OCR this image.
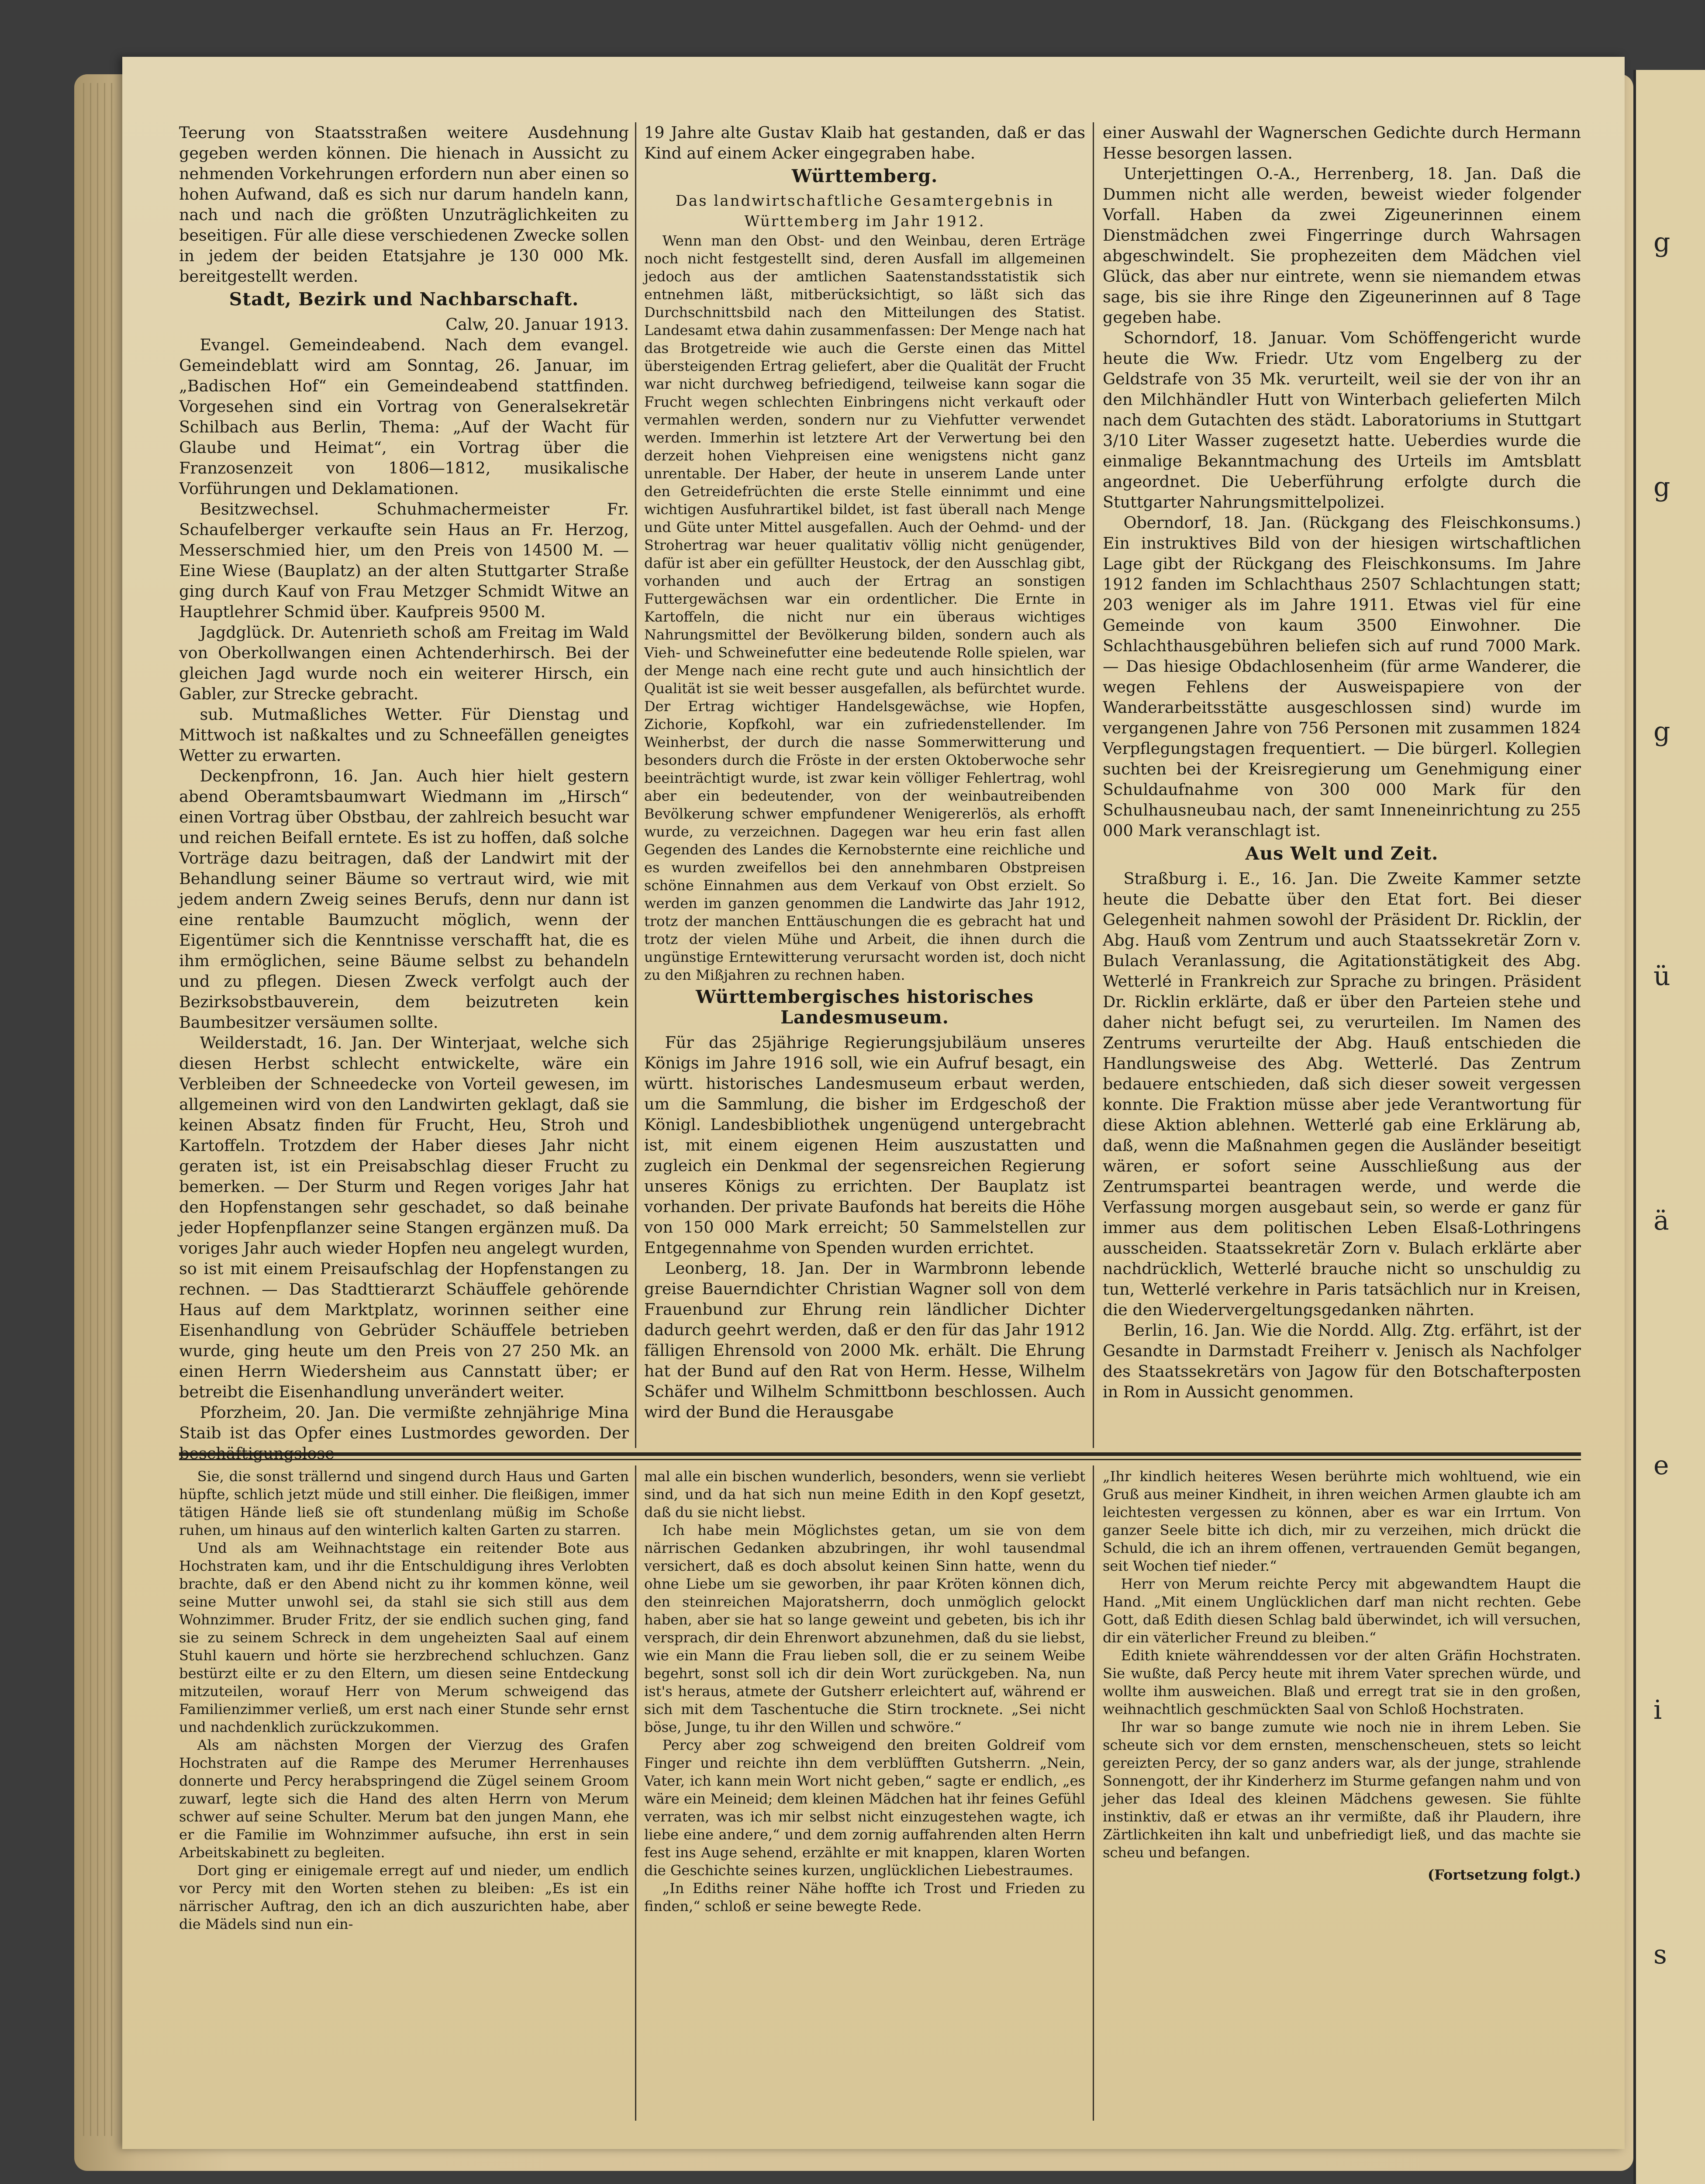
g
g
g
ü
ä
e
i
s

Teerung von Staatsstraßen weitere Ausdehnung gegeben werden können. Die hienach in Aussicht zu nehmenden Vorkehrungen erfordern nun aber einen so hohen Aufwand, daß es sich nur darum handeln kann, nach und nach die größten Unzuträglichkeiten zu beseitigen. Für alle diese verschiedenen Zwecke sollen in jedem der beiden Etatsjahre je 130 000 Mk. bereitgestellt werden.

Stadt, Bezirk und Nachbarschaft.

Calw, 20. Januar 1913.

Evangel. Gemeindeabend. Nach dem evangel. Gemeindeblatt wird am Sonntag, 26. Januar, im „Badischen Hof“ ein Gemeindeabend stattfinden. Vorgesehen sind ein Vortrag von Generalsekretär Schilbach aus Berlin, Thema: „Auf der Wacht für Glaube und Heimat“, ein Vortrag über die Franzosenzeit von 1806—1812, musikalische Vorführungen und Deklamationen.

Besitzwechsel. Schuhmachermeister Fr. Schaufelberger verkaufte sein Haus an Fr. Herzog, Messerschmied hier, um den Preis von 14500 M. — Eine Wiese (Bauplatz) an der alten Stuttgarter Straße ging durch Kauf von Frau Metzger Schmidt Witwe an Hauptlehrer Schmid über. Kaufpreis 9500 M.

Jagdglück. Dr. Autenrieth schoß am Freitag im Wald von Oberkollwangen einen Achtenderhirsch. Bei der gleichen Jagd wurde noch ein weiterer Hirsch, ein Gabler, zur Strecke gebracht.

sub. Mutmaßliches Wetter. Für Dienstag und Mittwoch ist naßkaltes und zu Schneefällen geneigtes Wetter zu erwarten.

Deckenpfronn, 16. Jan. Auch hier hielt gestern abend Oberamtsbaumwart Wiedmann im „Hirsch“ einen Vortrag über Obstbau, der zahlreich besucht war und reichen Beifall erntete. Es ist zu hoffen, daß solche Vorträge dazu beitragen, daß der Landwirt mit der Behandlung seiner Bäume so vertraut wird, wie mit jedem andern Zweig seines Berufs, denn nur dann ist eine rentable Baumzucht möglich, wenn der Eigentümer sich die Kenntnisse verschafft hat, die es ihm ermöglichen, seine Bäume selbst zu behandeln und zu pflegen. Diesen Zweck verfolgt auch der Bezirksobstbauverein, dem beizutreten kein Baumbesitzer versäumen sollte.

Weilderstadt, 16. Jan. Der Winterjaat, welche sich diesen Herbst schlecht entwickelte, wäre ein Verbleiben der Schneedecke von Vorteil gewesen, im allgemeinen wird von den Landwirten geklagt, daß sie keinen Absatz finden für Frucht, Heu, Stroh und Kartoffeln. Trotzdem der Haber dieses Jahr nicht geraten ist, ist ein Preisabschlag dieser Frucht zu bemerken. — Der Sturm und Regen voriges Jahr hat den Hopfenstangen sehr geschadet, so daß beinahe jeder Hopfenpflanzer seine Stangen ergänzen muß. Da voriges Jahr auch wieder Hopfen neu angelegt wurden, so ist mit einem Preisaufschlag der Hopfenstangen zu rechnen. — Das Stadttierarzt Schäuffele gehörende Haus auf dem Marktplatz, worinnen seither eine Eisenhandlung von Gebrüder Schäuffele betrieben wurde, ging heute um den Preis von 27 250 Mk. an einen Herrn Wiedersheim aus Cannstatt über; er betreibt die Eisenhandlung unverändert weiter.

Pforzheim, 20. Jan. Die vermißte zehnjährige Mina Staib ist das Opfer eines Lustmordes geworden. Der beschäftigungslose

19 Jahre alte Gustav Klaib hat gestanden, daß er das Kind auf einem Acker eingegraben habe.

Württemberg.

Das landwirtschaftliche Gesamtergebnis in Württemberg im Jahr 1912.

Wenn man den Obst- und den Weinbau, deren Erträge noch nicht festgestellt sind, deren Ausfall im allgemeinen jedoch aus der amtlichen Saatenstandsstatistik sich entnehmen läßt, mitberücksichtigt, so läßt sich das Durchschnittsbild nach den Mitteilungen des Statist. Landesamt etwa dahin zusammenfassen: Der Menge nach hat das Brotgetreide wie auch die Gerste einen das Mittel übersteigenden Ertrag geliefert, aber die Qualität der Frucht war nicht durchweg befriedigend, teilweise kann sogar die Frucht wegen schlechten Einbringens nicht verkauft oder vermahlen werden, sondern nur zu Viehfutter verwendet werden. Immerhin ist letztere Art der Verwertung bei den derzeit hohen Viehpreisen eine wenigstens nicht ganz unrentable. Der Haber, der heute in unserem Lande unter den Getreidefrüchten die erste Stelle einnimmt und eine wichtigen Ausfuhrartikel bildet, ist fast überall nach Menge und Güte unter Mittel ausgefallen. Auch der Oehmd- und der Strohertrag war heuer qualitativ völlig nicht genügender, dafür ist aber ein gefüllter Heustock, der den Ausschlag gibt, vorhanden und auch der Ertrag an sonstigen Futtergewächsen war ein ordentlicher. Die Ernte in Kartoffeln, die nicht nur ein überaus wichtiges Nahrungsmittel der Bevölkerung bilden, sondern auch als Vieh- und Schweinefutter eine bedeutende Rolle spielen, war der Menge nach eine recht gute und auch hinsichtlich der Qualität ist sie weit besser ausgefallen, als befürchtet wurde. Der Ertrag wichtiger Handelsgewächse, wie Hopfen, Zichorie, Kopfkohl, war ein zufriedenstellender. Im Weinherbst, der durch die nasse Sommerwitterung und besonders durch die Fröste in der ersten Oktoberwoche sehr beeinträchtigt wurde, ist zwar kein völliger Fehlertrag, wohl aber ein bedeutender, von der weinbautreibenden Bevölkerung schwer empfundener Wenigererlös, als erhofft wurde, zu verzeichnen. Dagegen war heu erin fast allen Gegenden des Landes die Kernobsternte eine reichliche und es wurden zweifellos bei den annehmbaren Obstpreisen schöne Einnahmen aus dem Verkauf von Obst erzielt. So werden im ganzen genommen die Landwirte das Jahr 1912, trotz der manchen Enttäuschungen die es gebracht hat und trotz der vielen Mühe und Arbeit, die ihnen durch die ungünstige Erntewitterung verursacht worden ist, doch nicht zu den Mißjahren zu rechnen haben.

Württembergisches historisches Landesmuseum.

Für das 25jährige Regierungsjubiläum unseres Königs im Jahre 1916 soll, wie ein Aufruf besagt, ein württ. historisches Landesmuseum erbaut werden, um die Sammlung, die bisher im Erdgeschoß der Königl. Landesbibliothek ungenügend untergebracht ist, mit einem eigenen Heim auszustatten und zugleich ein Denkmal der segensreichen Regierung unseres Königs zu errichten. Der Bauplatz ist vorhanden. Der private Baufonds hat bereits die Höhe von 150 000 Mark erreicht; 50 Sammelstellen zur Entgegennahme von Spenden wurden errichtet.

Leonberg, 18. Jan. Der in Warmbronn lebende greise Bauerndichter Christian Wagner soll von dem Frauenbund zur Ehrung rein ländlicher Dichter dadurch geehrt werden, daß er den für das Jahr 1912 fälligen Ehrensold von 2000 Mk. erhält. Die Ehrung hat der Bund auf den Rat von Herm. Hesse, Wilhelm Schäfer und Wilhelm Schmittbonn beschlossen. Auch wird der Bund die Herausgabe

einer Auswahl der Wagnerschen Gedichte durch Hermann Hesse besorgen lassen.

Unterjettingen O.-A., Herrenberg, 18. Jan. Daß die Dummen nicht alle werden, beweist wieder folgender Vorfall. Haben da zwei Zigeunerinnen einem Dienstmädchen zwei Fingerringe durch Wahrsagen abgeschwindelt. Sie prophezeiten dem Mädchen viel Glück, das aber nur eintrete, wenn sie niemandem etwas sage, bis sie ihre Ringe den Zigeunerinnen auf 8 Tage gegeben habe.

Schorndorf, 18. Januar. Vom Schöffengericht wurde heute die Ww. Friedr. Utz vom Engelberg zu der Geldstrafe von 35 Mk. verurteilt, weil sie der von ihr an den Milchhändler Hutt von Winterbach gelieferten Milch nach dem Gutachten des städt. Laboratoriums in Stuttgart 3/10 Liter Wasser zugesetzt hatte. Ueberdies wurde die einmalige Bekanntmachung des Urteils im Amtsblatt angeordnet. Die Ueberführung erfolgte durch die Stuttgarter Nahrungsmittelpolizei.

Oberndorf, 18. Jan. (Rückgang des Fleischkonsums.) Ein instruktives Bild von der hiesigen wirtschaftlichen Lage gibt der Rückgang des Fleischkonsums. Im Jahre 1912 fanden im Schlachthaus 2507 Schlachtungen statt; 203 weniger als im Jahre 1911. Etwas viel für eine Gemeinde von kaum 3500 Einwohner. Die Schlachthausgebühren beliefen sich auf rund 7000 Mark. — Das hiesige Obdachlosenheim (für arme Wanderer, die wegen Fehlens der Ausweispapiere von der Wanderarbeitsstätte ausgeschlossen sind) wurde im vergangenen Jahre von 756 Personen mit zusammen 1824 Verpflegungstagen frequentiert. — Die bürgerl. Kollegien suchten bei der Kreisregierung um Genehmigung einer Schuldaufnahme von 300 000 Mark für den Schulhausneubau nach, der samt Inneneinrichtung zu 255 000 Mark veranschlagt ist.

Aus Welt und Zeit.

Straßburg i. E., 16. Jan. Die Zweite Kammer setzte heute die Debatte über den Etat fort. Bei dieser Gelegenheit nahmen sowohl der Präsident Dr. Ricklin, der Abg. Hauß vom Zentrum und auch Staatssekretär Zorn v. Bulach Veranlassung, die Agitationstätigkeit des Abg. Wetterlé in Frankreich zur Sprache zu bringen. Präsident Dr. Ricklin erklärte, daß er über den Parteien stehe und daher nicht befugt sei, zu verurteilen. Im Namen des Zentrums verurteilte der Abg. Hauß entschieden die Handlungsweise des Abg. Wetterlé. Das Zentrum bedauere entschieden, daß sich dieser soweit vergessen konnte. Die Fraktion müsse aber jede Verantwortung für diese Aktion ablehnen. Wetterlé gab eine Erklärung ab, daß, wenn die Maßnahmen gegen die Ausländer beseitigt wären, er sofort seine Ausschließung aus der Zentrumspartei beantragen werde, und werde die Verfassung morgen ausgebaut sein, so werde er ganz für immer aus dem politischen Leben Elsaß-Lothringens ausscheiden. Staatssekretär Zorn v. Bulach erklärte aber nachdrücklich, Wetterlé brauche nicht so unschuldig zu tun, Wetterlé verkehre in Paris tatsächlich nur in Kreisen, die den Wiedervergeltungsgedanken nährten.

Berlin, 16. Jan. Wie die Nordd. Allg. Ztg. erfährt, ist der Gesandte in Darmstadt Freiherr v. Jenisch als Nachfolger des Staatssekretärs von Jagow für den Botschafterposten in Rom in Aussicht genommen.

Sie, die sonst trällernd und singend durch Haus und Garten hüpfte, schlich jetzt müde und still einher. Die fleißigen, immer tätigen Hände ließ sie oft stundenlang müßig im Schoße ruhen, um hinaus auf den winterlich kalten Garten zu starren.

Und als am Weihnachtstage ein reitender Bote aus Hochstraten kam, und ihr die Entschuldigung ihres Verlobten brachte, daß er den Abend nicht zu ihr kommen könne, weil seine Mutter unwohl sei, da stahl sie sich still aus dem Wohnzimmer. Bruder Fritz, der sie endlich suchen ging, fand sie zu seinem Schreck in dem ungeheizten Saal auf einem Stuhl kauern und hörte sie herzbrechend schluchzen. Ganz bestürzt eilte er zu den Eltern, um diesen seine Entdeckung mitzuteilen, worauf Herr von Merum schweigend das Familienzimmer verließ, um erst nach einer Stunde sehr ernst und nachdenklich zurückzukommen.

Als am nächsten Morgen der Vierzug des Grafen Hochstraten auf die Rampe des Merumer Herrenhauses donnerte und Percy herabspringend die Zügel seinem Groom zuwarf, legte sich die Hand des alten Herrn von Merum schwer auf seine Schulter. Merum bat den jungen Mann, ehe er die Familie im Wohnzimmer aufsuche, ihn erst in sein Arbeitskabinett zu begleiten.

Dort ging er einigemale erregt auf und nieder, um endlich vor Percy mit den Worten stehen zu bleiben: „Es ist ein närrischer Auftrag, den ich an dich auszurichten habe, aber die Mädels sind nun ein-

mal alle ein bischen wunderlich, besonders, wenn sie verliebt sind, und da hat sich nun meine Edith in den Kopf gesetzt, daß du sie nicht liebst.

Ich habe mein Möglichstes getan, um sie von dem närrischen Gedanken abzubringen, ihr wohl tausendmal versichert, daß es doch absolut keinen Sinn hatte, wenn du ohne Liebe um sie geworben, ihr paar Kröten können dich, den steinreichen Majoratsherrn, doch unmöglich gelockt haben, aber sie hat so lange geweint und gebeten, bis ich ihr versprach, dir dein Ehrenwort abzunehmen, daß du sie liebst, wie ein Mann die Frau lieben soll, die er zu seinem Weibe begehrt, sonst soll ich dir dein Wort zurückgeben. Na, nun ist's heraus, atmete der Gutsherr erleichtert auf, während er sich mit dem Taschentuche die Stirn trocknete. „Sei nicht böse, Junge, tu ihr den Willen und schwöre.“

Percy aber zog schweigend den breiten Goldreif vom Finger und reichte ihn dem verblüfften Gutsherrn. „Nein, Vater, ich kann mein Wort nicht geben,“ sagte er endlich, „es wäre ein Meineid; dem kleinen Mädchen hat ihr feines Gefühl verraten, was ich mir selbst nicht einzugestehen wagte, ich liebe eine andere,“ und dem zornig auffahrenden alten Herrn fest ins Auge sehend, erzählte er mit knappen, klaren Worten die Geschichte seines kurzen, unglücklichen Liebestraumes.

„In Ediths reiner Nähe hoffte ich Trost und Frieden zu finden,“ schloß er seine bewegte Rede.

„Ihr kindlich heiteres Wesen berührte mich wohltuend, wie ein Gruß aus meiner Kindheit, in ihren weichen Armen glaubte ich am leichtesten vergessen zu können, aber es war ein Irrtum. Von ganzer Seele bitte ich dich, mir zu verzeihen, mich drückt die Schuld, die ich an ihrem offenen, vertrauenden Gemüt begangen, seit Wochen tief nieder.“

Herr von Merum reichte Percy mit abgewandtem Haupt die Hand. „Mit einem Unglücklichen darf man nicht rechten. Gebe Gott, daß Edith diesen Schlag bald überwindet, ich will versuchen, dir ein väterlicher Freund zu bleiben.“

Edith kniete währenddessen vor der alten Gräfin Hochstraten. Sie wußte, daß Percy heute mit ihrem Vater sprechen würde, und wollte ihm ausweichen. Blaß und erregt trat sie in den großen, weihnachtlich geschmückten Saal von Schloß Hochstraten.

Ihr war so bange zumute wie noch nie in ihrem Leben. Sie scheute sich vor dem ernsten, menschenscheuen, stets so leicht gereizten Percy, der so ganz anders war, als der junge, strahlende Sonnengott, der ihr Kinderherz im Sturme gefangen nahm und von jeher das Ideal des kleinen Mädchens gewesen. Sie fühlte instinktiv, daß er etwas an ihr vermißte, daß ihr Plaudern, ihre Zärtlichkeiten ihn kalt und unbefriedigt ließ, und das machte sie scheu und befangen.

(Fortsetzung folgt.)
